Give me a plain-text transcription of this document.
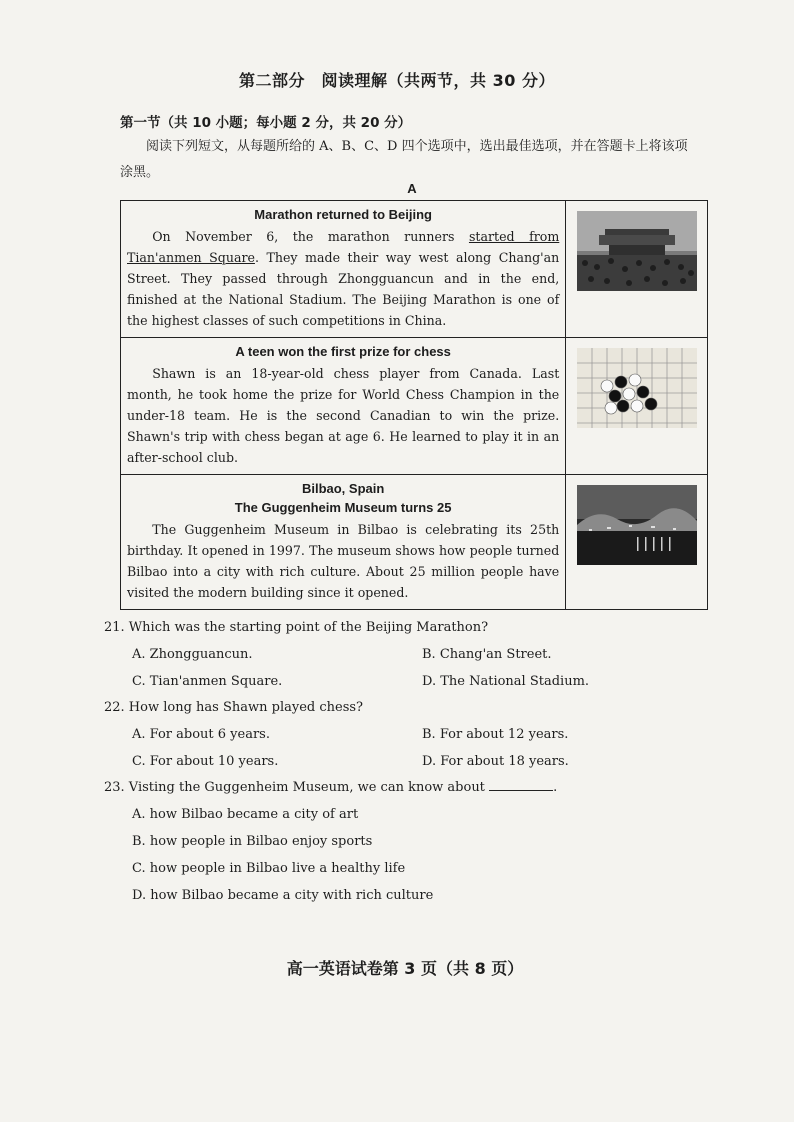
第二部分　阅读理解（共两节，共 30 分）
第一节（共 10 小题；每小题 2 分，共 20 分）
阅读下列短文，从每题所给的 A、B、C、D 四个选项中，选出最佳选项，并在答题卡上将该项涂黑。
A

Marathon returned to Beijing

On November 6, the marathon runners started from Tian'anmen Square. They made their way west along Chang'an Street. They passed through Zhongguancun and in the end, finished at the National Stadium. The Beijing Marathon is one of the highest classes of such competitions in China.

A teen won the first prize for chess

Shawn is an 18-year-old chess player from Canada. Last month, he took home the prize for World Chess Champion in the under-18 team. He is the second Canadian to win the prize. Shawn's trip with chess began at age 6. He learned to play it in an after-school club.

Bilbao, Spain

The Guggenheim Museum turns 25

The Guggenheim Museum in Bilbao is celebrating its 25th birthday. It opened in 1997. The museum shows how people turned Bilbao into a city with rich culture. About 25 million people have visited the modern building since it opened.

21. Which was the starting point of the Beijing Marathon?

A. Zhongguancun.	B. Chang'an Street.
C. Tian'anmen Square.	D. The National Stadium.

22. How long has Shawn played chess?

A. For about 6 years.	B. For about 12 years.
C. For about 10 years.	D. For about 18 years.

23. Visting the Guggenheim Museum, we can know about	.

A. how Bilbao became a city of art
B. how people in Bilbao enjoy sports
C. how people in Bilbao live a healthy life
D. how Bilbao became a city with rich culture
高一英语试卷第 3 页（共 8 页）
